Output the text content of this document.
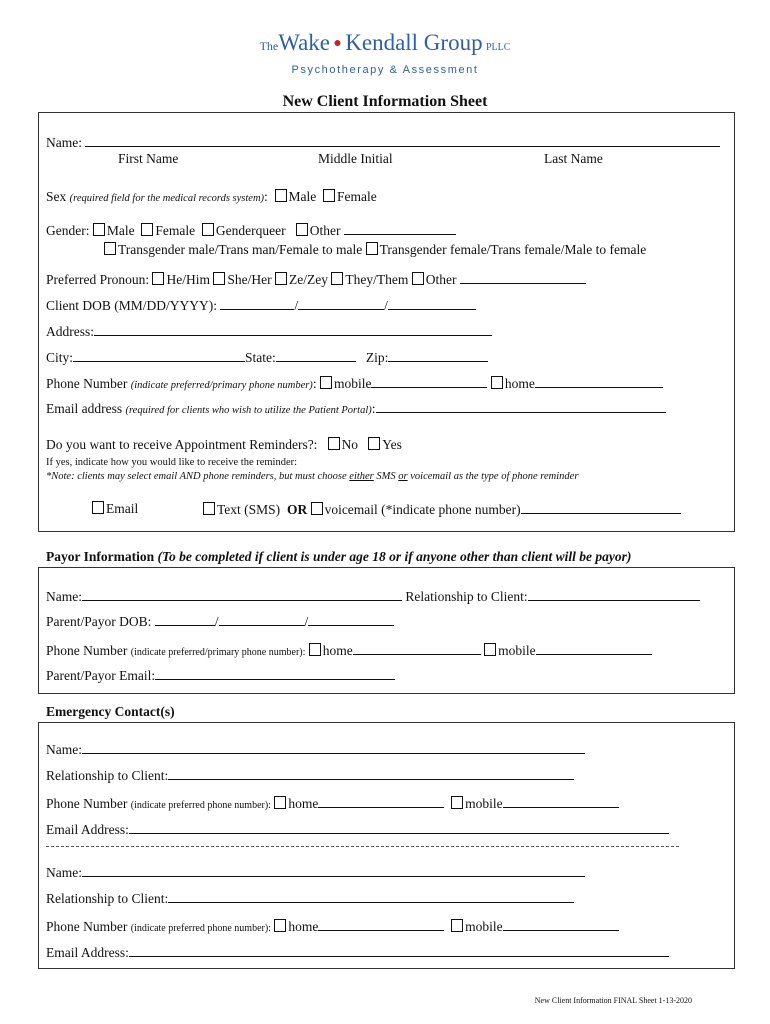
TheWake ● Kendall Group PLLC
Psychotherapy & Assessment
New Client Information Sheet
Name:
First Name	Middle Initial	Last Name
Sex (required field for the medical records system): Male Female
Gender: Male Female Genderqueer Other
Transgender male/Trans man/Female to male Transgender female/Trans female/Male to female
Preferred Pronoun: He/Him She/Her Ze/Zey They/Them Other
Client DOB (MM/DD/YYYY):	/	/
Address:
City:	State:	Zip:
Phone Number (indicate preferred/primary phone number): mobile	home
Email address (required for clients who wish to utilize the Patient Portal):
Do you want to receive Appointment Reminders?: No Yes
If yes, indicate how you would like to receive the reminder:
*Note: clients may select email AND phone reminders, but must choose either SMS or voicemail as the type of phone reminder
Email	Text (SMS) OR voicemail (*indicate phone number)
Payor Information (To be completed if client is under age 18 or if anyone other than client will be payor)
Name:	Relationship to Client:
Parent/Payor DOB:	/	/
Phone Number (indicate preferred/primary phone number): home	mobile
Parent/Payor Email:
Emergency Contact(s)
Name:
Relationship to Client:
Phone Number (indicate preferred phone number): home	mobile
Email Address:
Name:
Relationship to Client:
Phone Number (indicate preferred phone number): home	mobile
Email Address:
New Client Information FINAL Sheet 1-13-2020
